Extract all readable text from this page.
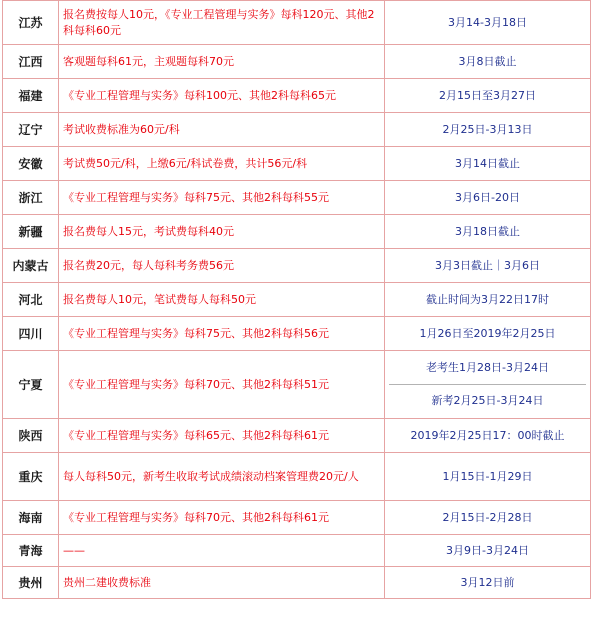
江苏	报名费按每人10元，《专业工程管理与实务》每科120元、其他2科每科60元	3月14-3月18日
江西	客观题每科61元，主观题每科70元	3月8日截止
福建	《专业工程管理与实务》每科100元、其他2科每科65元	2月15日至3月27日
辽宁	考试收费标准为60元/科	2月25日-3月13日
安徽	考试费50元/科，上缴6元/科试卷费，共计56元/科	3月14日截止
浙江	《专业工程管理与实务》每科75元、其他2科每科55元	3月6日-20日
新疆	报名费每人15元，考试费每科40元	3月18日截止
内蒙古	报名费20元，每人每科考务费56元	3月3日截止｜3月6日
河北	报名费每人10元，笔试费每人每科50元	截止时间为3月22日17时
四川	《专业工程管理与实务》每科75元、其他2科每科56元	1月26日至2019年2月25日
宁夏	《专业工程管理与实务》每科70元、其他2科每科51元	老考生1月28日-3月24日
新考2月25日-3月24日

陕西	《专业工程管理与实务》每科65元、其他2科每科61元	2019年2月25日17：00时截止
重庆	每人每科50元，新考生收取考试成绩滚动档案管理费20元/人	1月15日-1月29日
海南	《专业工程管理与实务》每科70元、其他2科每科61元	2月15日-2月28日
青海	——	3月9日-3月24日
贵州	贵州二建收费标准	3月12日前
